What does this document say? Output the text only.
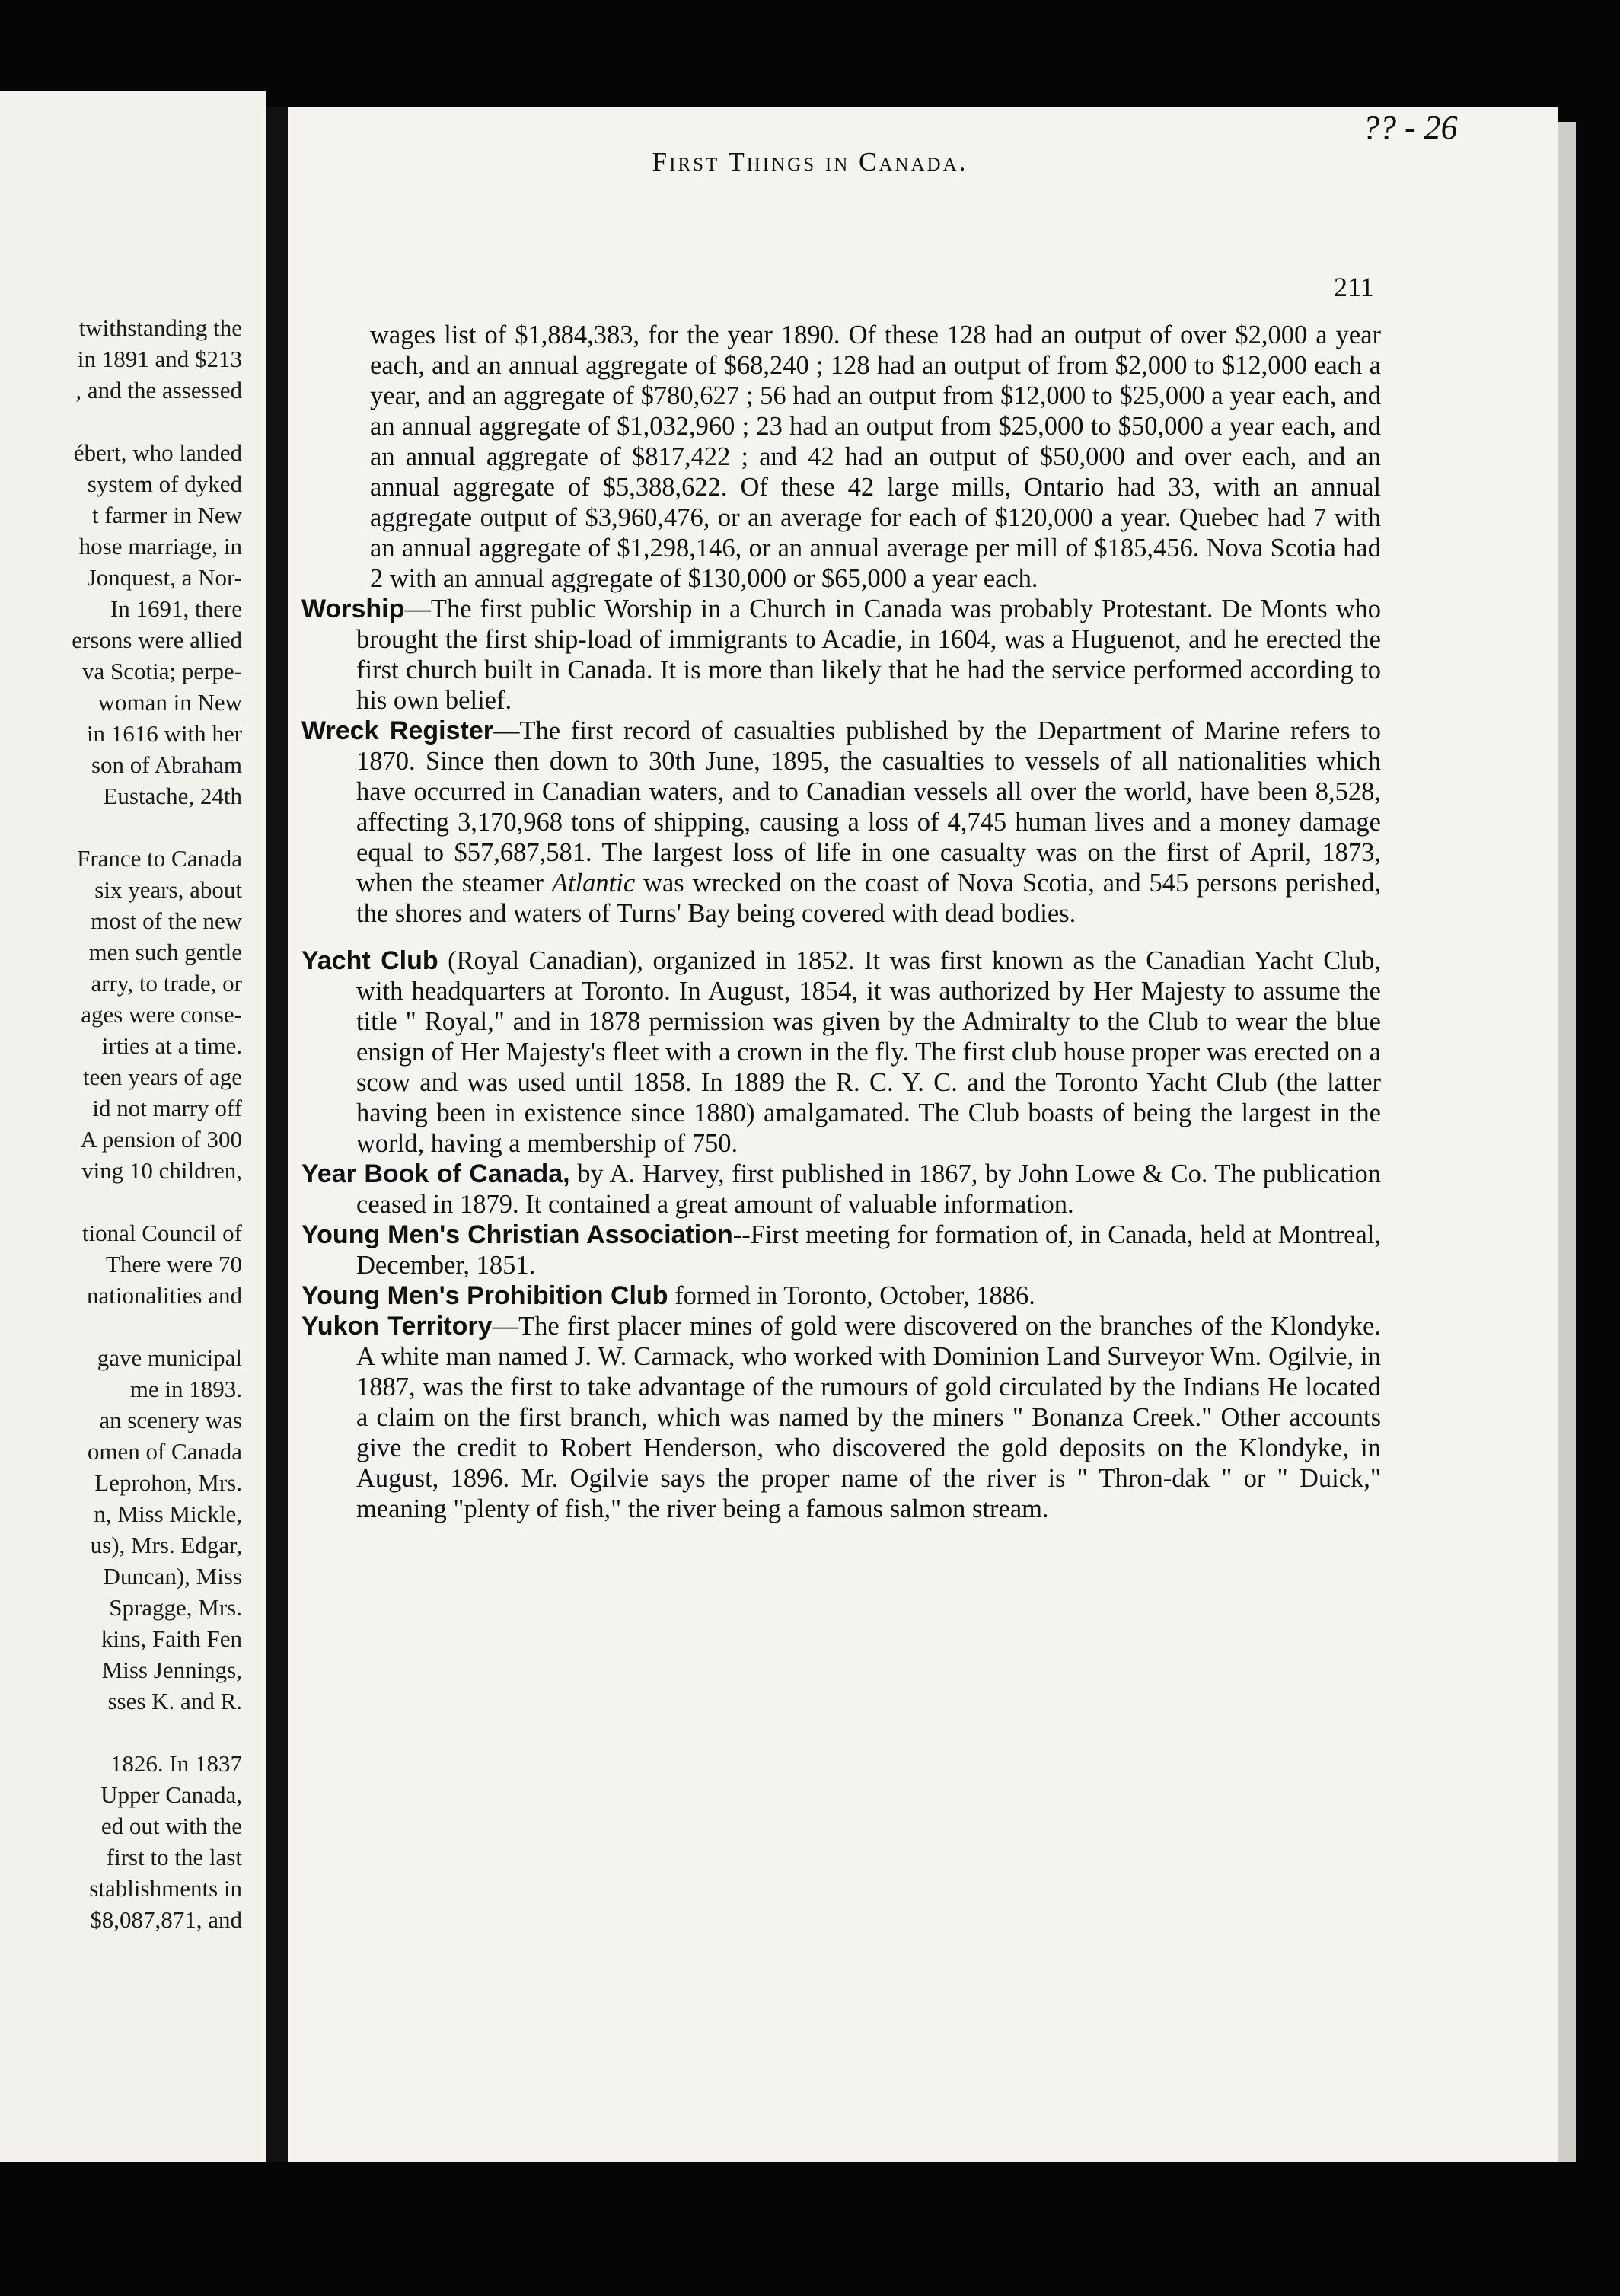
twithstanding the
in 1891 and $213
, and the assessed
ébert, who landed
system of dyked
t farmer in New
hose marriage, in
Jonquest, a Nor-
In 1691, there
ersons were allied
va Scotia; perpe-
woman in New
in 1616 with her
son of Abraham
Eustache, 24th
France to Canada
six years, about
most of the new
men such gentle
arry, to trade, or
ages were conse-
irties at a time.
teen years of age
id not marry off
A pension of 300
ving 10 children,
tional Council of
There were 70
nationalities and
gave municipal
me in 1893.
an scenery was
omen of Canada
Leprohon, Mrs.
n, Miss Mickle,
us), Mrs. Edgar,
Duncan), Miss
Spragge, Mrs.
kins, Faith Fen
Miss Jennings,
sses K. and R.
1826. In 1837
Upper Canada,
ed out with the
first to the last
stablishments in
$8,087,871, and
?? - 26
First Things in Canada.
211

wages list of $1,884,383, for the year 1890. Of these 128 had an output of over $2,000 a year each, and an annual aggregate of $68,240 ; 128 had an output of from $2,000 to $12,000 each a year, and an aggregate of $780,627 ; 56 had an output from $12,000 to $25,000 a year each, and an annual aggregate of $1,032,960 ; 23 had an output from $25,000 to $50,000 a year each, and an annual aggregate of $817,422 ; and 42 had an output of $50,000 and over each, and an annual aggregate of $5,388,622. Of these 42 large mills, Ontario had 33, with an annual aggregate output of $3,960,476, or an average for each of $120,000 a year. Quebec had 7 with an annual aggregate of $1,298,146, or an annual average per mill of $185,456. Nova Scotia had 2 with an annual aggregate of $130,000 or $65,000 a year each.

Worship—The first public Worship in a Church in Canada was probably Protestant. De Monts who brought the first ship-load of immigrants to Acadie, in 1604, was a Huguenot, and he erected the first church built in Canada. It is more than likely that he had the service performed according to his own belief.

Wreck Register—The first record of casualties published by the Department of Marine refers to 1870. Since then down to 30th June, 1895, the casualties to vessels of all nationalities which have occurred in Canadian waters, and to Canadian vessels all over the world, have been 8,528, affecting 3,170,968 tons of shipping, causing a loss of 4,745 human lives and a money damage equal to $57,687,581. The largest loss of life in one casualty was on the first of April, 1873, when the steamer Atlantic was wrecked on the coast of Nova Scotia, and 545 persons perished, the shores and waters of Turns' Bay being covered with dead bodies.

Yacht Club (Royal Canadian), organized in 1852. It was first known as the Canadian Yacht Club, with headquarters at Toronto. In August, 1854, it was authorized by Her Majesty to assume the title " Royal," and in 1878 permission was given by the Admiralty to the Club to wear the blue ensign of Her Majesty's fleet with a crown in the fly. The first club house proper was erected on a scow and was used until 1858. In 1889 the R. C. Y. C. and the Toronto Yacht Club (the latter having been in existence since 1880) amalgamated. The Club boasts of being the largest in the world, having a membership of 750.

Year Book of Canada, by A. Harvey, first published in 1867, by John Lowe & Co. The publication ceased in 1879. It contained a great amount of valuable information.

Young Men's Christian Association--First meeting for formation of, in Canada, held at Montreal, December, 1851.

Young Men's Prohibition Club formed in Toronto, October, 1886.

Yukon Territory—The first placer mines of gold were discovered on the branches of the Klondyke. A white man named J. W. Carmack, who worked with Dominion Land Surveyor Wm. Ogilvie, in 1887, was the first to take advantage of the rumours of gold circulated by the Indians He located a claim on the first branch, which was named by the miners " Bonanza Creek." Other accounts give the credit to Robert Henderson, who discovered the gold deposits on the Klondyke, in August, 1896. Mr. Ogilvie says the proper name of the river is " Thron-dak " or " Duick," meaning "plenty of fish," the river being a famous salmon stream.
